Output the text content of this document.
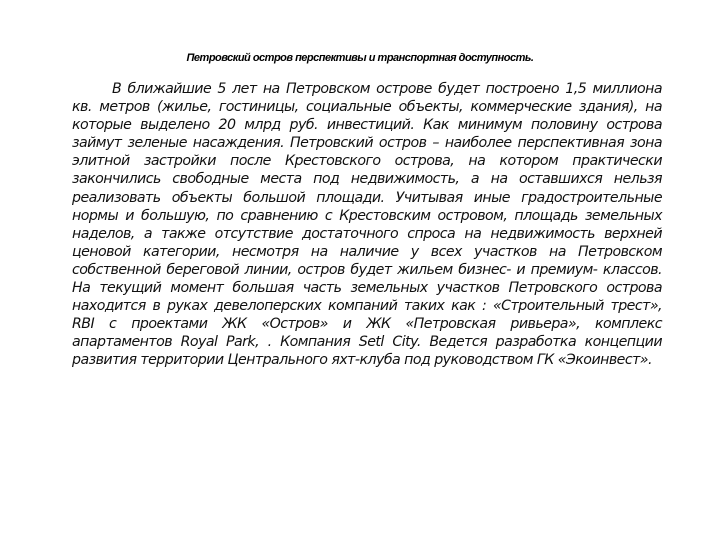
Петровский остров перспективы и транспортная доступность.

В ближайшие 5 лет на Петровском острове будет построено 1,5 миллиона кв. метров (жилье, гостиницы, социальные объекты, коммерческие здания), на которые выделено 20 млрд руб. инвестиций. Как минимум половину острова займут зеленые насаждения. Петровский остров – наиболее перспективная зона элитной застройки после Крестовского острова, на котором практически закончились свободные места под недвижимость, а на оставшихся нельзя реализовать объекты большой площади. Учитывая иные градостроительные нормы и большую, по сравнению с Крестовским островом, площадь земельных наделов, а также отсутствие достаточного спроса на недвижимость верхней ценовой категории, несмотря на наличие у всех участков на Петровском собственной береговой линии, остров будет жильем бизнес- и премиум- классов. На текущий момент большая часть земельных участков Петровского острова находится в руках девелоперских компаний таких как : «Строительный трест», RBI с проектами ЖК «Остров» и ЖК «Петровская ривьера», комплекс апартаментов Royal Park, . Компания Setl City. Ведется разработка концепции развития территории Центрального яхт-клуба под руководством ГК «Экоинвест».
